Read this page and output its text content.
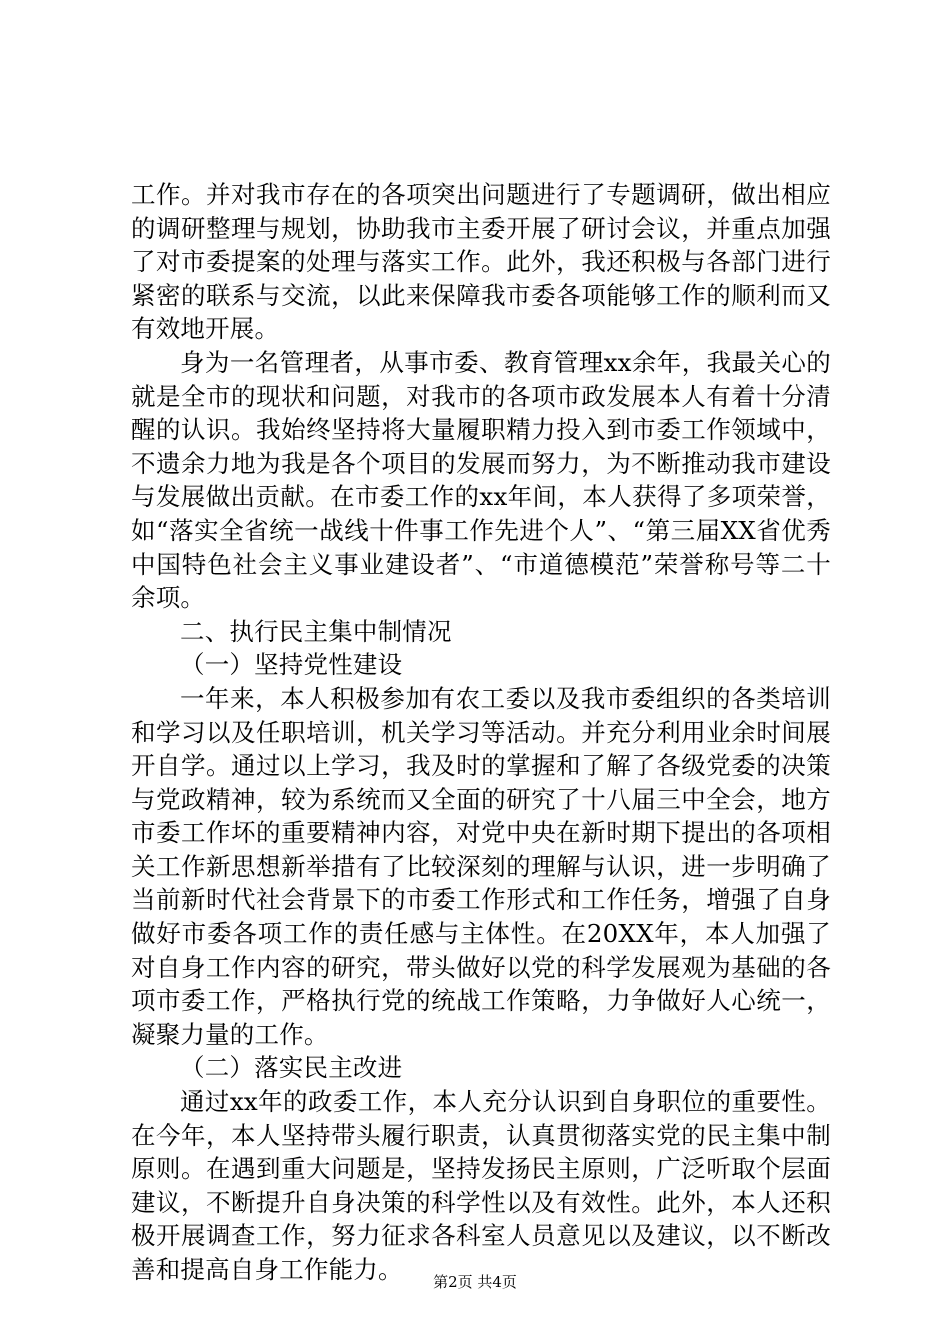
工作。并对我市存在的各项突出问题进行了专题调研，做出相应的调研整理与规划，协助我市主委开展了研讨会议，并重点加强了对市委提案的处理与落实工作。此外，我还积极与各部门进行紧密的联系与交流，以此来保障我市委各项能够工作的顺利而又有效地开展。

身为一名管理者，从事市委、教育管理xx余年，我最关心的就是全市的现状和问题，对我市的各项市政发展本人有着十分清醒的认识。我始终坚持将大量履职精力投入到市委工作领域中，不遗余力地为我是各个项目的发展而努力，为不断推动我市建设与发展做出贡献。在市委工作的xx年间，本人获得了多项荣誉，如“落实全省统一战线十件事工作先进个人”、“第三届XX省优秀中国特色社会主义事业建设者”、“市道德模范”荣誉称号等二十余项。

二、执行民主集中制情况

（一）坚持党性建设

一年来，本人积极参加有农工委以及我市委组织的各类培训和学习以及任职培训，机关学习等活动。并充分利用业余时间展开自学。通过以上学习，我及时的掌握和了解了各级党委的决策与党政精神，较为系统而又全面的研究了十八届三中全会，地方市委工作坏的重要精神内容，对党中央在新时期下提出的各项相关工作新思想新举措有了比较深刻的理解与认识，进一步明确了当前新时代社会背景下的市委工作形式和工作任务，增强了自身做好市委各项工作的责任感与主体性。在20XX年，本人加强了对自身工作内容的研究，带头做好以党的科学发展观为基础的各项市委工作，严格执行党的统战工作策略，力争做好人心统一，凝聚力量的工作。

（二）落实民主改进

通过xx年的政委工作，本人充分认识到自身职位的重要性。在今年，本人坚持带头履行职责，认真贯彻落实党的民主集中制原则。在遇到重大问题是，坚持发扬民主原则，广泛听取个层面建议，不断提升自身决策的科学性以及有效性。此外，本人还积极开展调查工作，努力征求各科室人员意见以及建议，以不断改善和提高自身工作能力。	第2页 共4页
